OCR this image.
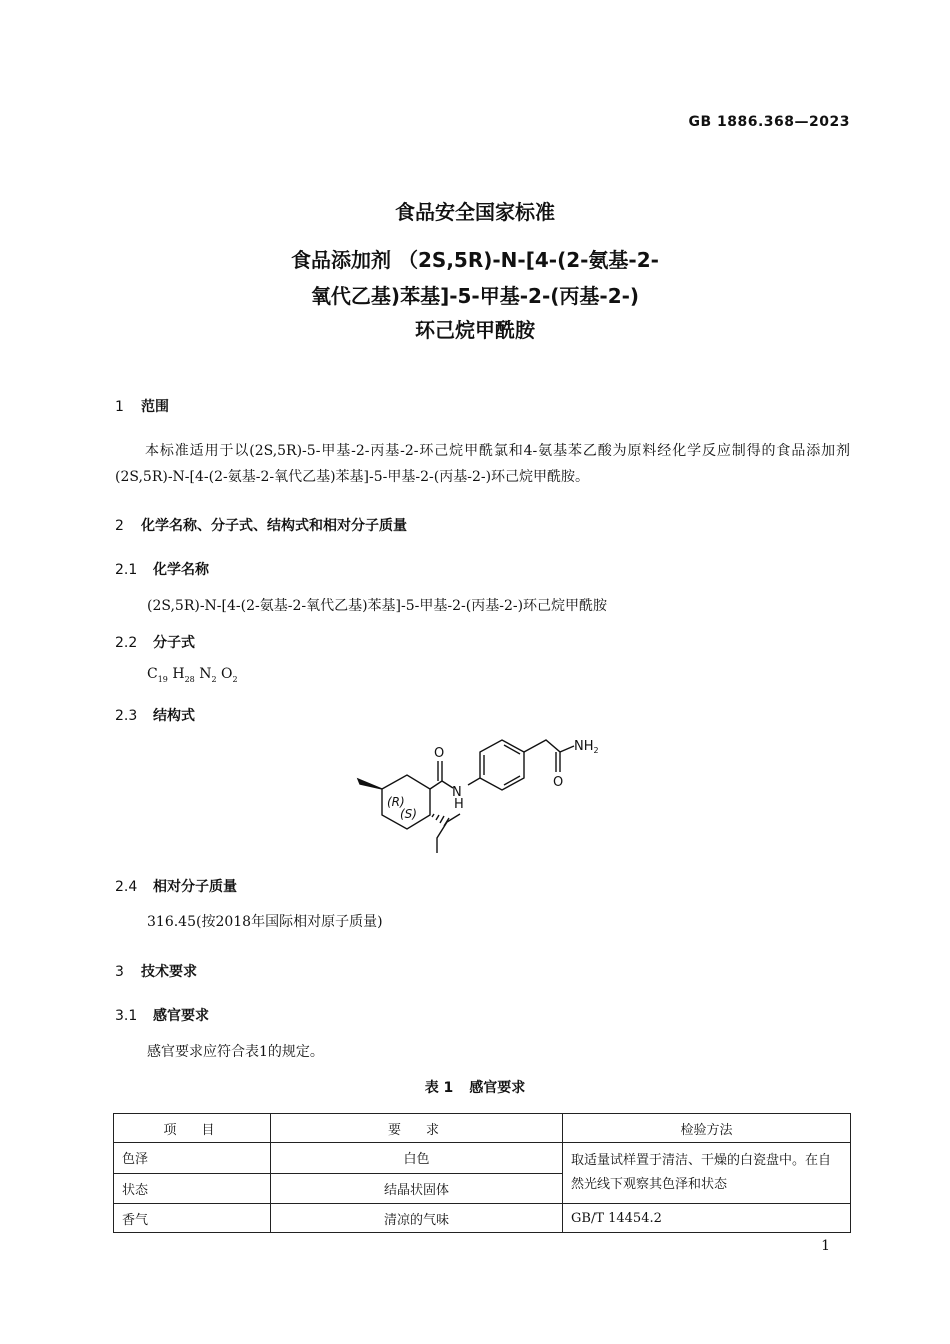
GB 1886.368—2023
食品安全国家标准
食品添加剂 （2S,5R)-N-[4-(2-氨基-2-
氧代乙基)苯基]-5-甲基-2-(丙基-2-)
环己烷甲酰胺
1 范围
本标准适用于以(2S,5R)-5-甲基-2-丙基-2-环己烷甲酰氯和4-氨基苯乙酸为原料经化学反应制得的食品添加剂(2S,5R)-N-[4-(2-氨基-2-氧代乙基)苯基]-5-甲基-2-(丙基-2-)环己烷甲酰胺。
2 化学名称、分子式、结构式和相对分子质量
2.1 化学名称
(2S,5R)-N-[4-(2-氨基-2-氧代乙基)苯基]-5-甲基-2-(丙基-2-)环己烷甲酰胺
2.2 分子式
$C_{19}$ $H_{28}$ $N_2$ $O_2$
2.3 结构式
(R)
(S)
N
H
O
O
$NH_2$
2.4 相对分子质量
316.45(按2018年国际相对原子质量)
3 技术要求
3.1 感官要求
感官要求应符合表1的规定。
表 1 感官要求
项　目	要　求	检验方法
色泽	白色	取适量试样置于清洁、干燥的白瓷盘中。在自然光线下观察其色泽和状态
状态	结晶状固体	
香气	清凉的气味	GB/T 14454.2
1
